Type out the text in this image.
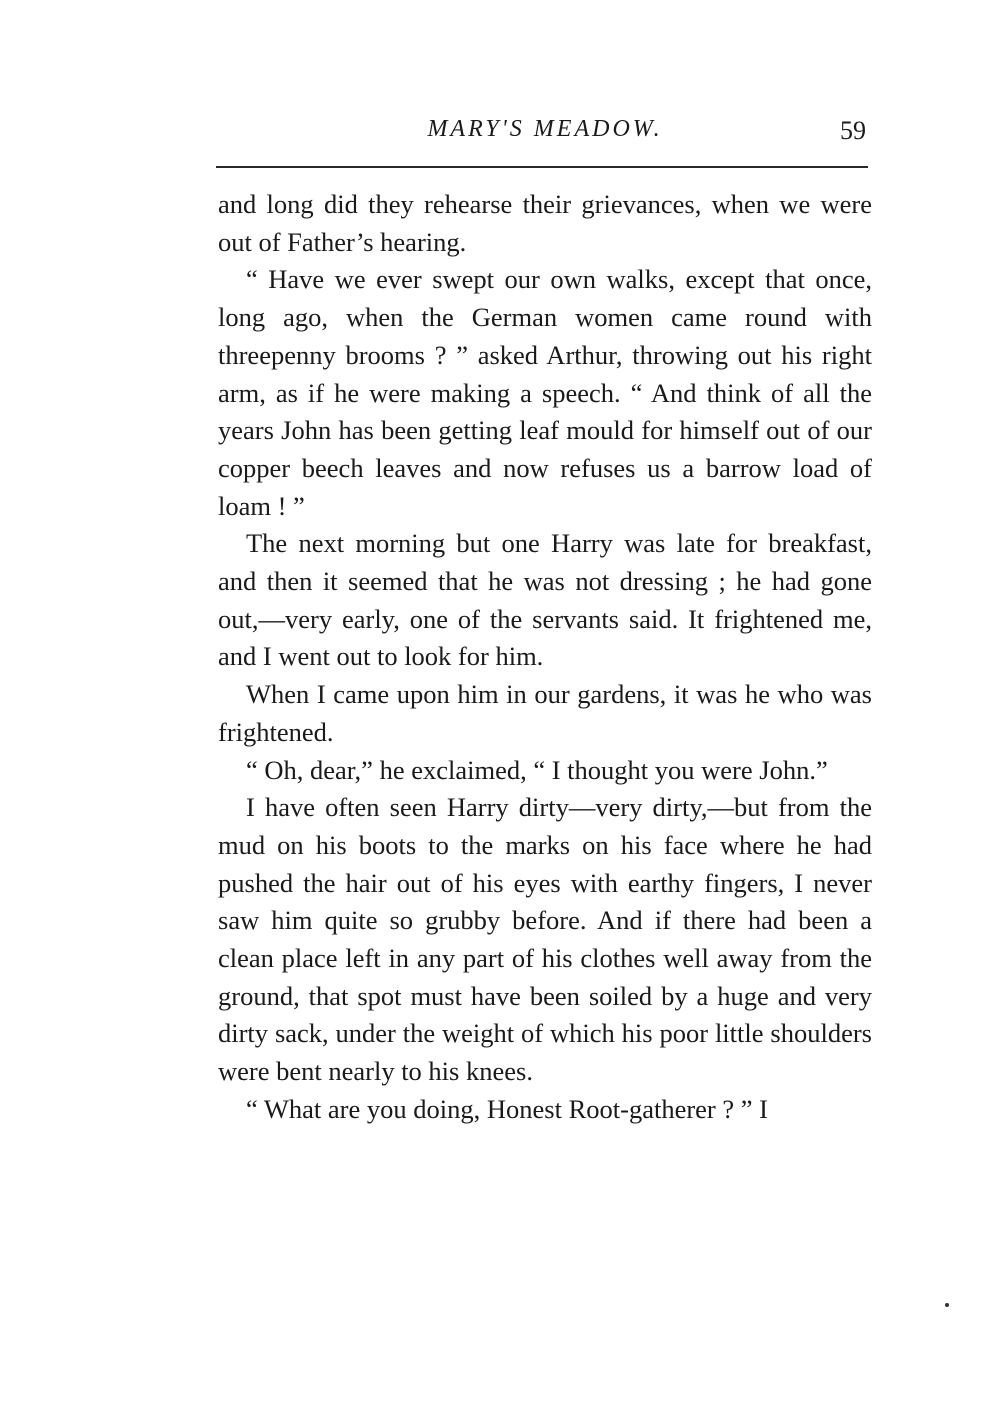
MARY'S MEADOW.	59

and long did they rehearse their grievances, when we were out of Father’s hearing.

“ Have we ever swept our own walks, except that once, long ago, when the German women came round with threepenny brooms ? ” asked Arthur, throwing out his right arm, as if he were making a speech. “ And think of all the years John has been getting leaf mould for himself out of our copper beech leaves and now refuses us a barrow load of loam ! ”

The next morning but one Harry was late for breakfast, and then it seemed that he was not dressing ; he had gone out,—very early, one of the servants said. It frightened me, and I went out to look for him.

When I came upon him in our gardens, it was he who was frightened.

“ Oh, dear,” he exclaimed, “ I thought you were John.”

I have often seen Harry dirty—very dirty,—but from the mud on his boots to the marks on his face where he had pushed the hair out of his eyes with earthy fingers, I never saw him quite so grubby before. And if there had been a clean place left in any part of his clothes well away from the ground, that spot must have been soiled by a huge and very dirty sack, under the weight of which his poor little shoulders were bent nearly to his knees.

“ What are you doing, Honest Root-gatherer ? ” I
